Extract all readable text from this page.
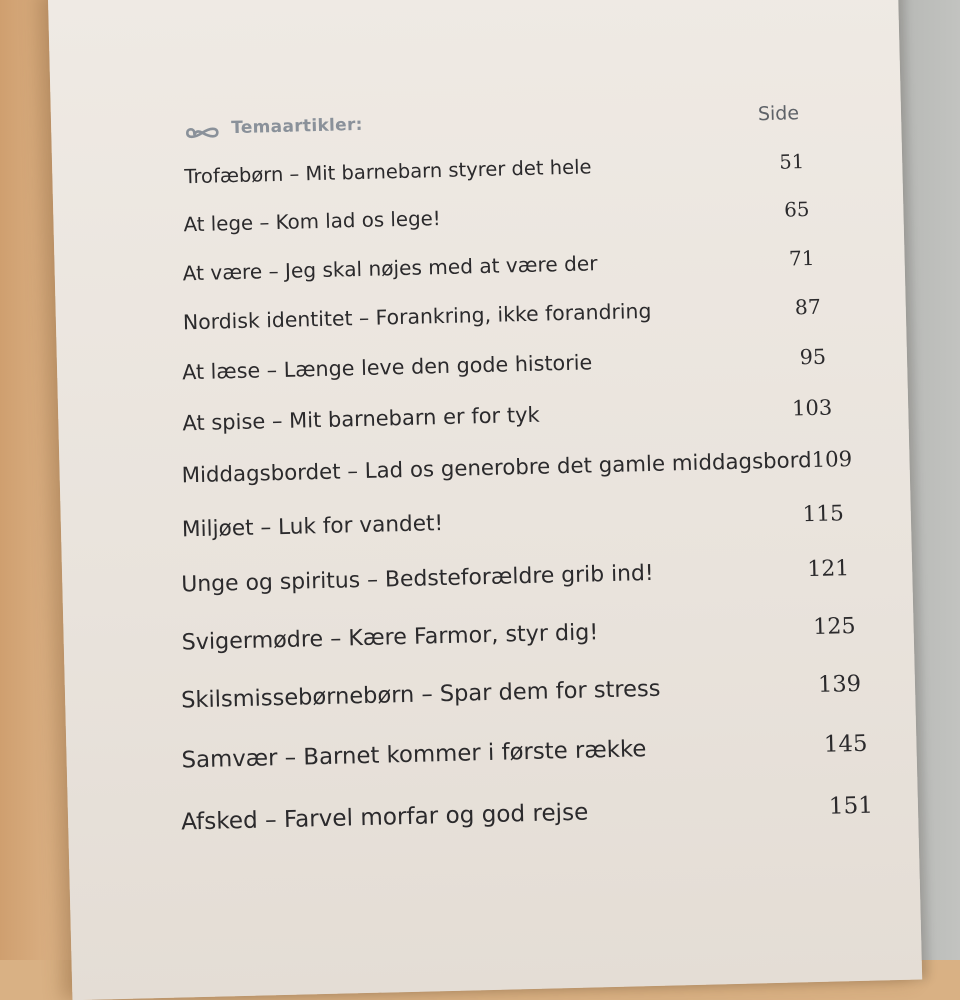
Temaartikler:
Side
Trofæbørn – Mit barnebarn styrer det hele	51
At lege – Kom lad os lege!	65
At være – Jeg skal nøjes med at være der	71
Nordisk identitet – Forankring, ikke forandring	87
At læse – Længe leve den gode historie	95
At spise – Mit barnebarn er for tyk	103
Middagsbordet – Lad os generobre det gamle middagsbord 109
Miljøet – Luk for vandet!	115
Unge og spiritus – Bedsteforældre grib ind!	121
Svigermødre – Kære Farmor, styr dig!	125
Skilsmissebørnebørn – Spar dem for stress	139
Samvær – Barnet kommer i første række	145
Afsked – Farvel morfar og god rejse	151
